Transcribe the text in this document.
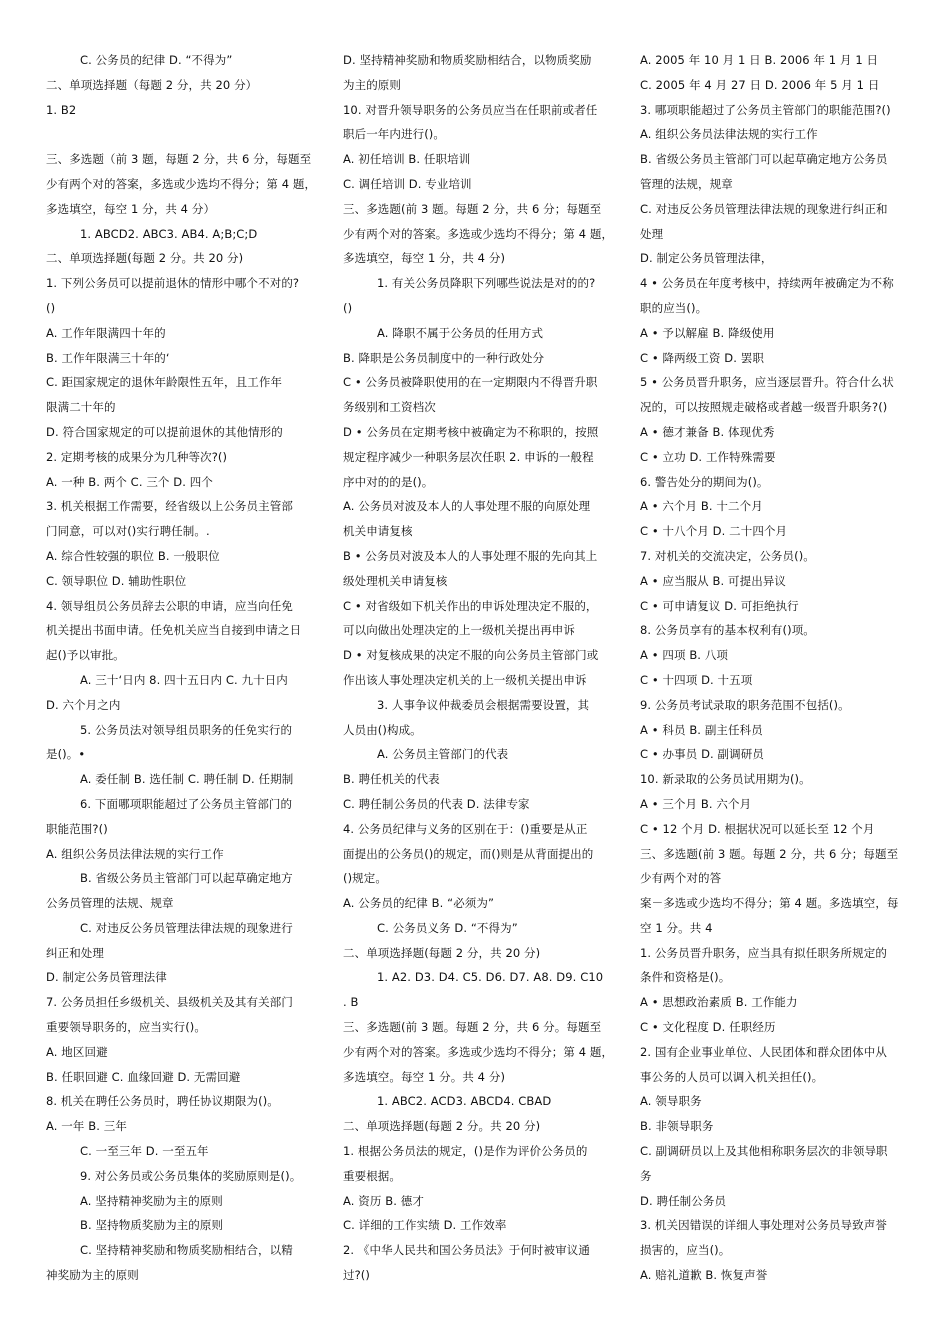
C. 公务员的纪律 D. “不得为”
二、单项选择题（每题 2 分，共 20 分）
1. B2
三、多选题（前 3 题，每题 2 分，共 6 分，每题至
少有两个对的答案，多选或少选均不得分；第 4 题，
多选填空，每空 1 分，共 4 分）
1. ABCD2. ABC3. AB4. A;B;C;D
二、单项选择题(每题 2 分。共 20 分)
1. 下列公务员可以提前退休的情形中哪个不对的?
()
A. 工作年限满四十年的
B. 工作年限满三十年的‘
C. 距国家规定的退休年龄限性五年，且工作年
限满二十年的
D. 符合国家规定的可以提前退休的其他情形的
2. 定期考核的成果分为几种等次?()
A. 一种 B. 两个 C. 三个 D. 四个
3. 机关根据工作需要，经省级以上公务员主管部
门同意，可以对()实行聘任制。.
A. 综合性较强的职位 B. 一般职位
C. 领导职位 D. 辅助性职位
4. 领导组员公务员辞去公职的申请，应当向任免
机关提出书面申请。任免机关应当自接到申请之日
起()予以审批。
A. 三十‘日内 8. 四十五日内 C. 九十日内
D. 六个月之内
5. 公务员法对领导组员职务的任免实行的
是()。•
A. 委任制 B. 选任制 C. 聘任制 D. 任期制
6. 下面哪项职能超过了公务员主管部门的
职能范围?()
A. 组织公务员法律法规的实行工作
B. 省级公务员主管部门可以起草确定地方
公务员管理的法规、规章
C. 对违反公务员管理法律法规的现象进行
纠正和处理
D. 制定公务员管理法律
7. 公务员担任乡级机关、县级机关及其有关部门
重要领导职务的，应当实行()。
A. 地区回避
B. 任职回避 C. 血缘回避 D. 无需回避
8. 机关在聘任公务员时，聘任协议期限为()。
A. 一年 B. 三年
C. 一至三年 D. 一至五年
9. 对公务员或公务员集体的奖励原则是()。
A. 坚持精神奖励为主的原则
B. 坚持物质奖励为主的原则
C. 坚持精神奖励和物质奖励相结合，以精
神奖励为主的原则
D. 坚持精神奖励和物质奖励相结合，以物质奖励
为主的原则
10. 对晋升领导职务的公务员应当在任职前或者任
职后一年内进行()。
A. 初任培训 B. 任职培训
C. 调任培训 D. 专业培训
三、多选题(前 3 题。每题 2 分，共 6 分；每题至
少有两个对的答案。多选或少选均不得分；第 4 题，
多选填空，每空 1 分，共 4 分)
1. 有关公务员降职下列哪些说法是对的的?
()
A. 降职不属于公务员的任用方式
B. 降职是公务员制度中的一种行政处分
C • 公务员被降职使用的在一定期限内不得晋升职
务级别和工资档次
D • 公务员在定期考核中被确定为不称职的，按照
规定程序减少一种职务层次任职 2. 申诉的一般程
序中对的的是()。
A. 公务员对波及本人的人事处理不服的向原处理
机关申请复核
B • 公务员对波及本人的人事处理不服的先向其上
级处理机关申请复核
C • 对省级如下机关作出的申诉处理决定不服的，
可以向做出处理决定的上一级机关提出再申诉
D • 对复核成果的决定不服的向公务员主管部门或
作出该人事处理决定机关的上一级机关提出申诉
3. 人事争议仲裁委员会根据需要设置，其
人员由()构成。
A. 公务员主管部门的代表
B. 聘任机关的代表
C. 聘任制公务员的代表 D. 法律专家
4. 公务员纪律与义务的区别在于：()重要是从正
面提出的公务员()的规定，而()则是从背面提出的
()规定。
A. 公务员的纪律 B. “必须为”
C. 公务员义务 D. “不得为”
二、单项选择题(每题 2 分，共 20 分)
1. A2. D3. D4. C5. D6. D7. A8. D9. C10
. B
三、多选题(前 3 题。每题 2 分，共 6 分。每题至
少有两个对的答案。多选或少选均不得分；第 4 题，
多选填空。每空 1 分。共 4 分)
1. ABC2. ACD3. ABCD4. CBAD
二、单项选择题(每题 2 分。共 20 分)
1. 根据公务员法的规定，()是作为评价公务员的
重要根据。
A. 资历 B. 德才
C. 详细的工作实绩 D. 工作效率
2. 《中华人民共和国公务员法》于何时被审议通
过?()
A. 2005 年 10 月 1 日 B. 2006 年 1 月 1 日
C. 2005 年 4 月 27 日 D. 2006 年 5 月 1 日
3. 哪项职能超过了公务员主管部门的职能范围?()
A. 组织公务员法律法规的实行工作
B. 省级公务员主管部门可以起草确定地方公务员
管理的法规，规章
C. 对违反公务员管理法律法规的现象进行纠正和
处理
D. 制定公务员管理法律，
4 • 公务员在年度考核中，持续两年被确定为不称
职的应当()。
A • 予以解雇 B. 降级使用
C • 降两级工资 D. 罢职
5 • 公务员晋升职务，应当逐层晋升。符合什么状
况的，可以按照规走破格或者越一级晋升职务?()
A • 德才兼备 B. 体现优秀
C • 立功 D. 工作特殊需要
6. 警告处分的期间为()。
A • 六个月 B. 十二个月
C • 十八个月 D. 二十四个月
7. 对机关的交流决定，公务员()。
A • 应当服从 B. 可提出异议
C • 可申请复议 D. 可拒绝执行
8. 公务员享有的基本权利有()项。
A • 四项 B. 八项
C • 十四项 D. 十五项
9. 公务员考试录取的职务范围不包括()。
A • 科员 B. 副主任科员
C • 办事员 D. 副调研员
10. 新录取的公务员试用期为()。
A • 三个月 B. 六个月
C • 12 个月 D. 根据状况可以延长至 12 个月
三、多选题(前 3 题。每题 2 分，共 6 分；每题至
少有两个对的答
案－多选或少选均不得分；第 4 题。多选填空，每
空 1 分。共 4
1. 公务员晋升职务，应当具有拟任职务所规定的
条件和资格是()。
A • 思想政治素质 B. 工作能力
C • 文化程度 D. 任职经历
2. 国有企业事业单位、人民团体和群众团体中从
事公务的人员可以调入机关担任()。
A. 领导职务
B. 非领导职务
C. 副调研员以上及其他相称职务层次的非领导职
务
D. 聘任制公务员
3. 机关因错误的详细人事处理对公务员导致声誉
损害的，应当()。
A. 赔礼道歉 B. 恢复声誉
